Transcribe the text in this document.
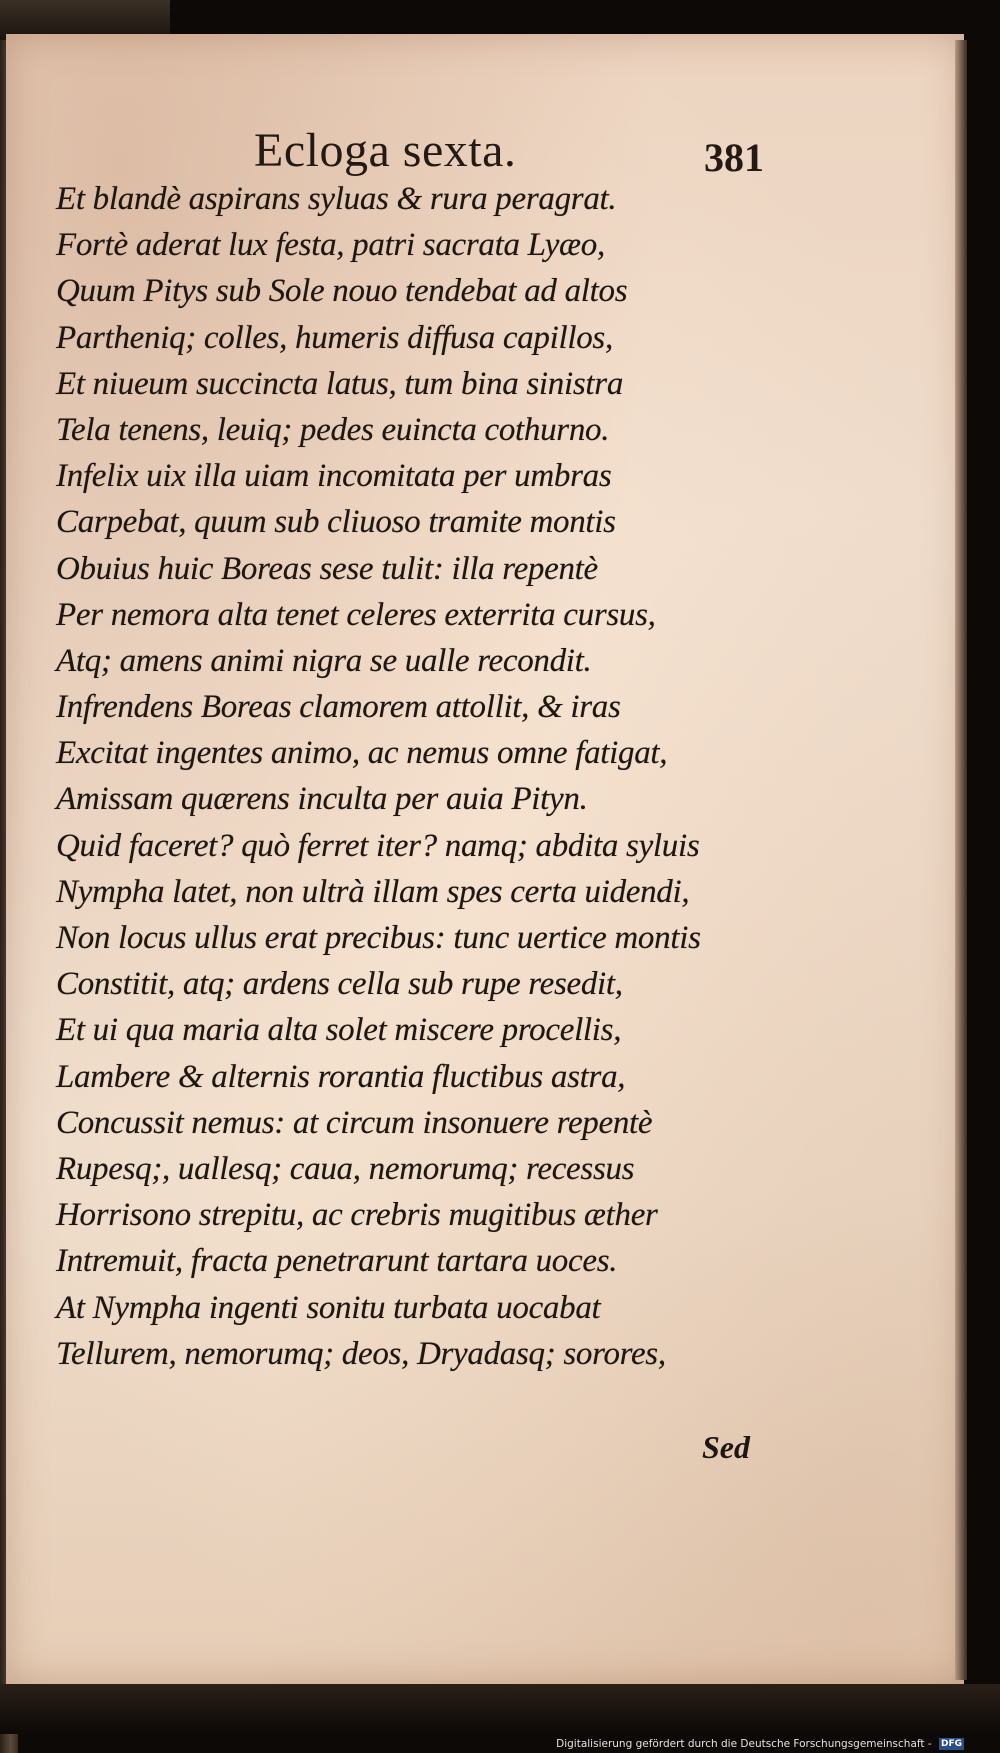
Ecloga sexta.	381
Et blandè aspirans syluas & rura peragrat.
Fortè aderat lux festa, patri sacrata Lyæo,
Quum Pitys sub Sole nouo tendebat ad altos
Partheniq; colles, humeris diffusa capillos,
Et niueum succincta latus, tum bina sinistra
Tela tenens, leuiq; pedes euincta cothurno.
Infelix uix illa uiam incomitata per umbras
Carpebat, quum sub cliuoso tramite montis
Obuius huic Boreas sese tulit: illa repentè
Per nemora alta tenet celeres exterrita cursus,
Atq; amens animi nigra se ualle recondit.
Infrendens Boreas clamorem attollit, & iras
Excitat ingentes animo, ac nemus omne fatigat,
Amissam quærens inculta per auia Pityn.
Quid faceret? quò ferret iter? namq; abdita syluis
Nympha latet, non ultrà illam spes certa uidendi,
Non locus ullus erat precibus: tunc uertice montis
Constitit, atq; ardens cella sub rupe resedit,
Et ui qua maria alta solet miscere procellis,
Lambere & alternis rorantia fluctibus astra,
Concussit nemus: at circum insonuere repentè
Rupesq;, uallesq; caua, nemorumq; recessus
Horrisono strepitu, ac crebris mugitibus æther
Intremuit, fracta penetrarunt tartara uoces.
At Nympha ingenti sonitu turbata uocabat
Tellurem, nemorumq; deos, Dryadasq; sorores,
Sed
Digitalisierung gefördert durch die Deutsche Forschungsgemeinschaft - DFG
